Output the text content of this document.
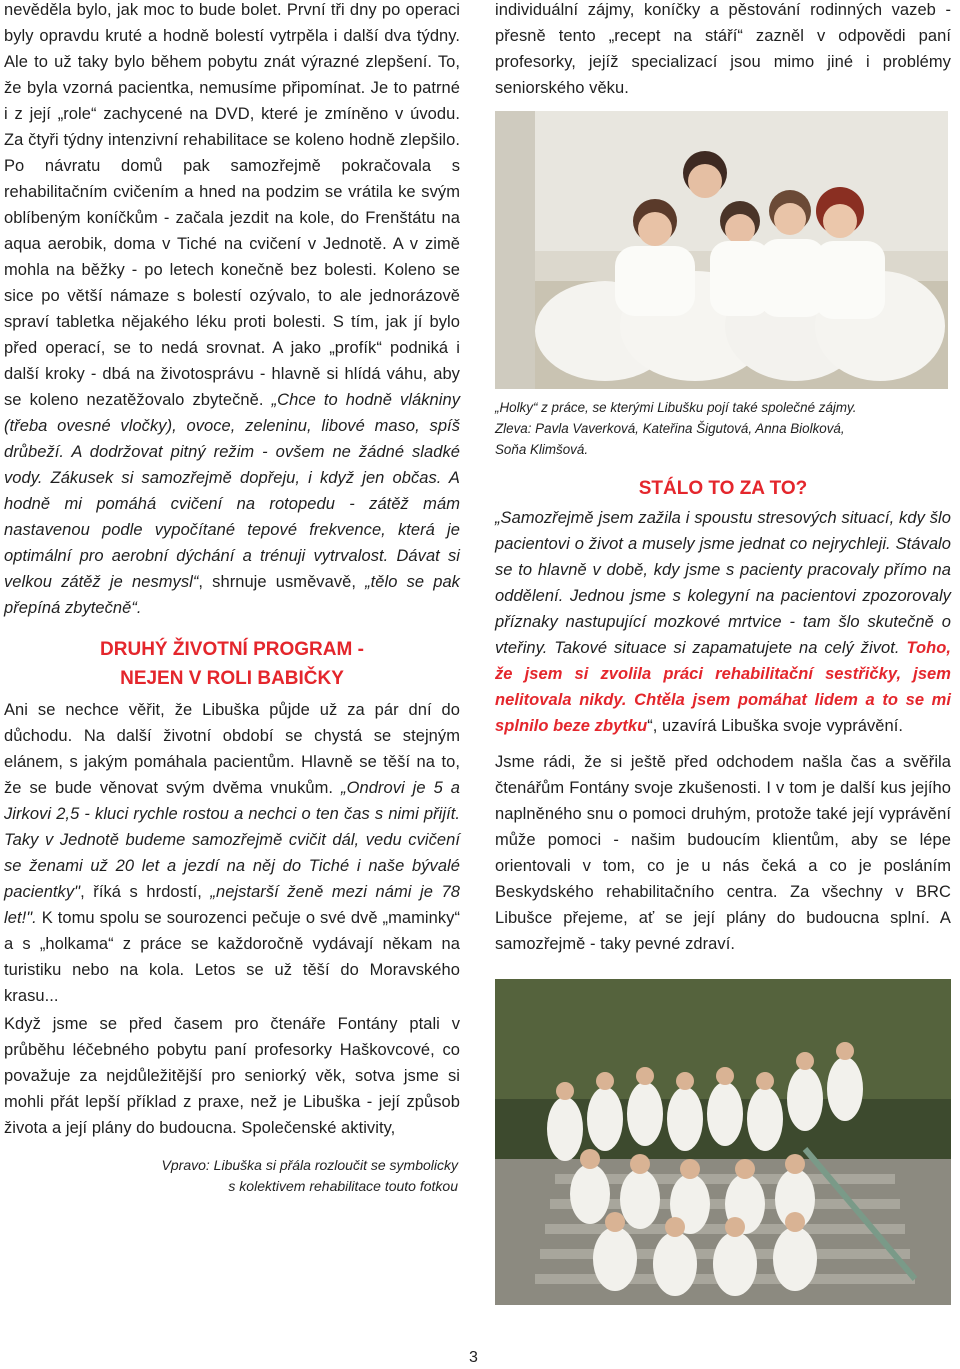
nevěděla bylo, jak moc to bude bolet. První tři dny po operaci byly opravdu kruté a hodně bolestí vytrpěla i další dva týdny. Ale to už taky bylo během pobytu znát výrazné zlepšení. To, že byla vzorná pacientka, nemusíme připomínat. Je to patrné i z její „role“ zachycené na DVD, které je zmíněno v úvodu. Za čtyři týdny intenzivní rehabilitace se koleno hodně zlepšilo. Po návratu domů pak samozřejmě pokračovala s rehabilitačním cvičením a hned na podzim se vrátila ke svým oblíbeným koníčkům - začala jezdit na kole, do Frenštátu na aqua aerobik, doma v Tiché na cvičení v Jednotě. A v zimě mohla na běžky - po letech konečně bez bolesti. Koleno se sice po větší námaze s bolestí ozývalo, to ale jednorázově spraví tabletka nějakého léku proti bolesti. S tím, jak jí bylo před operací, se to nedá srovnat. A jako „profík“ podniká i další kroky - dbá na životosprávu - hlavně si hlídá váhu, aby se koleno nezatěžovalo zbytečně. „Chce to hodně vlákniny (třeba ovesné vločky), ovoce, zeleninu, libové maso, spíš drůbeží. A dodržovat pitný režim - ovšem ne žádné sladké vody. Zákusek si samozřejmě dopřeju, i když jen občas. A hodně mi pomáhá cvičení na rotopedu - zátěž mám nastavenou podle vypočítané tepové frekvence, která je optimální pro aerobní dýchání a trénuji vytrvalost. Dávat si velkou zátěž je nesmysl“, shrnuje usměvavě, „tělo se pak přepíná zbytečně“.

DRUHÝ ŽIVOTNÍ PROGRAM -
NEJEN V ROLI BABIČKY

Ani se nechce věřit, že Libuška půjde už za pár dní do důchodu. Na další životní období se chystá se stejným elánem, s jakým pomáhala pacientům. Hlavně se těší na to, že se bude věnovat svým dvěma vnukům. „Ondrovi je 5 a Jirkovi 2,5 - kluci rychle rostou a nechci o ten čas s nimi přijít. Taky v Jednotě budeme samozřejmě cvičit dál, vedu cvičení se ženami už 20 let a jezdí na něj do Tiché i naše bývalé pacientky", říká s hrdostí, „nejstarší ženě mezi námi je 78 let!". K tomu spolu se sourozenci pečuje o své dvě „maminky“ a s „holkama“ z práce se každoročně vydávají někam na turistiku nebo na kola. Letos se už těší do Moravského krasu...

Když jsme se před časem pro čtenáře Fontány ptali v průběhu léčebného pobytu paní profesorky Haškovcové, co považuje za nejdůležitější pro seniorký věk, sotva jsme si mohli přát lepší příklad z praxe, než je Libuška - její způsob života a její plány do budoucna. Společenské aktivity,

Vpravo: Libuška si přála rozloučit se symbolicky

s kolektivem rehabilitace touto fotkou

individuální zájmy, koníčky a pěstování rodinných vazeb - přesně tento „recept na stáří“ zazněl v odpovědi paní profesorky, jejíž specializací jsou mimo jiné i problémy seniorského věku.

„Holky“ z práce, se kterými Libušku pojí také společné zájmy.

Zleva: Pavla Vaverková, Kateřina Šigutová, Anna Biolková,

Soňa Klimšová.

STÁLO TO ZA TO?

„Samozřejmě jsem zažila i spoustu stresových situací, kdy šlo pacientovi o život a musely jsme jednat co nejrychleji. Stávalo se to hlavně v době, kdy jsme s pacienty pracovaly přímo na oddělení. Jednou jsme s kolegyní na pacientovi zpozorovaly příznaky nastupující mozkové mrtvice - tam šlo skutečně o vteřiny. Takové situace si zapamatujete na celý život. Toho, že jsem si zvolila práci rehabilitační sestřičky, jsem nelitovala nikdy. Chtěla jsem pomáhat lidem a to se mi splnilo beze zbytku“, uzavírá Libuška svoje vyprávění.

Jsme rádi, že si ještě před odchodem našla čas a svěřila čtenářům Fontány svoje zkušenosti. I v tom je další kus jejího naplněného snu o pomoci druhým, protože také její vyprávění může pomoci - našim budoucím klientům, aby se lépe orientovali v tom, co je u nás čeká a co je posláním Beskydského rehabilitačního centra. Za všechny v BRC Libušce přejeme, ať se její plány do budoucna splní. A samozřejmě - taky pevné zdraví.

3
